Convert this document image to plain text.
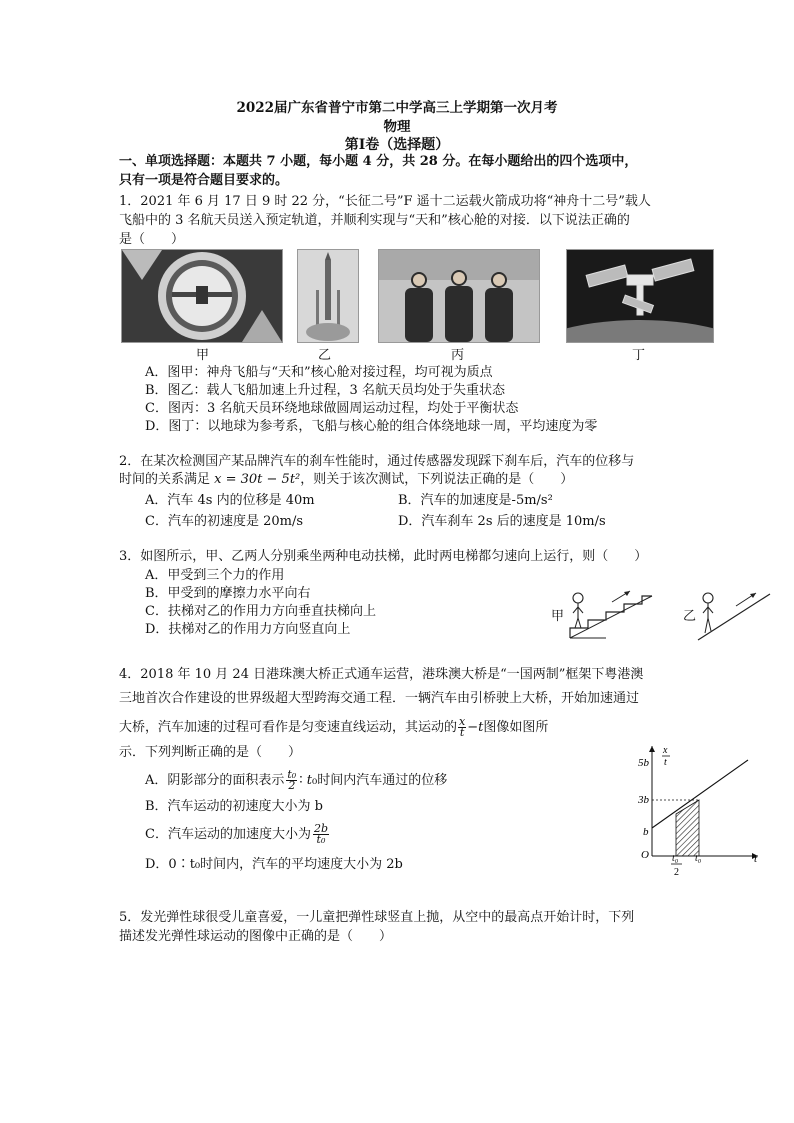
2022届广东省普宁市第二中学高三上学期第一次月考
物理
第Ⅰ卷（选择题）
一、单项选择题：本题共 7 小题，每小题 4 分，共 28 分。在每小题给出的四个选项中，
只有一项是符合题目要求的。
1．2021 年 6 月 17 日 9 时 22 分，“长征二号”F 遥十二运载火箭成功将“神舟十二号”载人
飞船中的 3 名航天员送入预定轨道，并顺利实现与“天和”核心舱的对接．以下说法正确的
是（　　）
甲	乙	丙	丁
A．图甲：神舟飞船与“天和”核心舱对接过程，均可视为质点
B．图乙：载人飞船加速上升过程，3 名航天员均处于失重状态
C．图丙：3 名航天员环绕地球做圆周运动过程，均处于平衡状态
D．图丁：以地球为参考系，飞船与核心舱的组合体绕地球一周，平均速度为零
2．在某次检测国产某品牌汽车的刹车性能时，通过传感器发现踩下刹车后，汽车的位移与
时间的关系满足 x = 30t − 5t²，则关于该次测试，下列说法正确的是（　　）
A．汽车 4s 内的位移是 40m	B．汽车的加速度是-5m/s²
C．汽车的初速度是 20m/s	D．汽车刹车 2s 后的速度是 10m/s
3．如图所示，甲、乙两人分别乘坐两种电动扶梯，此时两电梯都匀速向上运行，则（　　）
A．甲受到三个力的作用
B．甲受到的摩擦力水平向右
C．扶梯对乙的作用力方向垂直扶梯向上
D．扶梯对乙的作用力方向竖直向上
甲	乙
4．2018 年 10 月 24 日港珠澳大桥正式通车运营，港珠澳大桥是“一国两制”框架下粤港澳
三地首次合作建设的世界级超大型跨海交通工程．一辆汽车由引桥驶上大桥，开始加速通过
大桥，汽车加速的过程可看作是匀变速直线运动，其运动的 $\frac{x}{t} -t$图像如图所
示．下列判断正确的是（　　）
A．阴影部分的面积表示 $\frac{\text{t₀}}{2}$ ∶ t₀时间内汽车通过的位移
B．汽车运动的初速度大小为 b
C．汽车运动的加速度大小为 $\frac{2b}{\text{t₀}}$
D．0∶t₀时间内，汽车的平均速度大小为 2b
5b
3b
b
O
x
t
t₀
2
t₀	t
5．发光弹性球很受儿童喜爱，一儿童把弹性球竖直上抛，从空中的最高点开始计时，下列
描述发光弹性球运动的图像中正确的是（　　）
